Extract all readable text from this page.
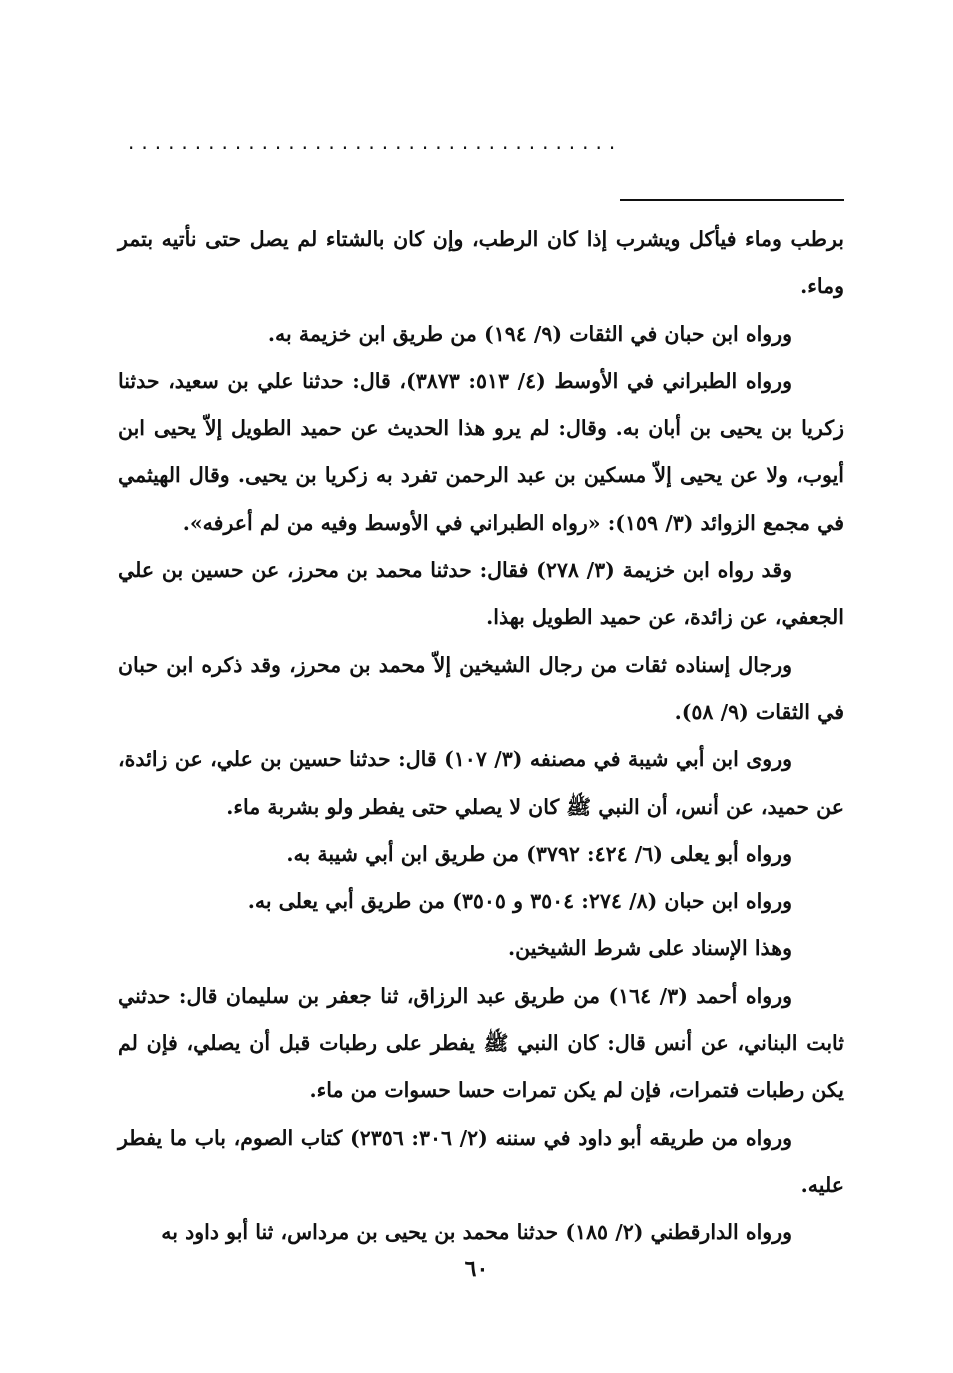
.....................................

برطب وماء فيأكل ويشرب إذا كان الرطب، وإن كان بالشتاء لم يصل حتى نأتيه بتمر وماء.

ورواه ابن حبان في الثقات (٩/ ١٩٤) من طريق ابن خزيمة به.

ورواه الطبراني في الأوسط (٤/ ٥١٣: ٣٨٧٣)، قال: حدثنا علي بن سعيد، حدثنا زكريا بن يحيى بن أبان به. وقال: لم يرو هذا الحديث عن حميد الطويل إلاّ يحيى ابن أيوب، ولا عن يحيى إلاّ مسكين بن عبد الرحمن تفرد به زكريا بن يحيى. وقال الهيثمي في مجمع الزوائد (٣/ ١٥٩): «رواه الطبراني في الأوسط وفيه من لم أعرفه».

وقد رواه ابن خزيمة (٣/ ٢٧٨) فقال: حدثنا محمد بن محرز، عن حسين بن علي الجعفي، عن زائدة، عن حميد الطويل بهذا.

ورجال إسناده ثقات من رجال الشيخين إلاّ محمد بن محرز، وقد ذكره ابن حبان في الثقات (٩/ ٥٨).

وروى ابن أبي شيبة في مصنفه (٣/ ١٠٧) قال: حدثنا حسين بن علي، عن زائدة، عن حميد، عن أنس، أن النبي ﷺ كان لا يصلي حتى يفطر ولو بشربة ماء.

ورواه أبو يعلى (٦/ ٤٢٤: ٣٧٩٢) من طريق ابن أبي شيبة به.

ورواه ابن حبان (٨/ ٢٧٤: ٣٥٠٤ و ٣٥٠٥) من طريق أبي يعلى به.

وهذا الإسناد على شرط الشيخين.

ورواه أحمد (٣/ ١٦٤) من طريق عبد الرزاق، ثنا جعفر بن سليمان قال: حدثني ثابت البناني، عن أنس قال: كان النبي ﷺ يفطر على رطبات قبل أن يصلي، فإن لم يكن رطبات فتمرات، فإن لم يكن تمرات حسا حسوات من ماء.

ورواه من طريقه أبو داود في سننه (٢/ ٣٠٦: ٢٣٥٦) كتاب الصوم، باب ما يفطر عليه.

ورواه الدارقطني (٢/ ١٨٥) حدثنا محمد بن يحيى بن مرداس، ثنا أبو داود به

٦٠
